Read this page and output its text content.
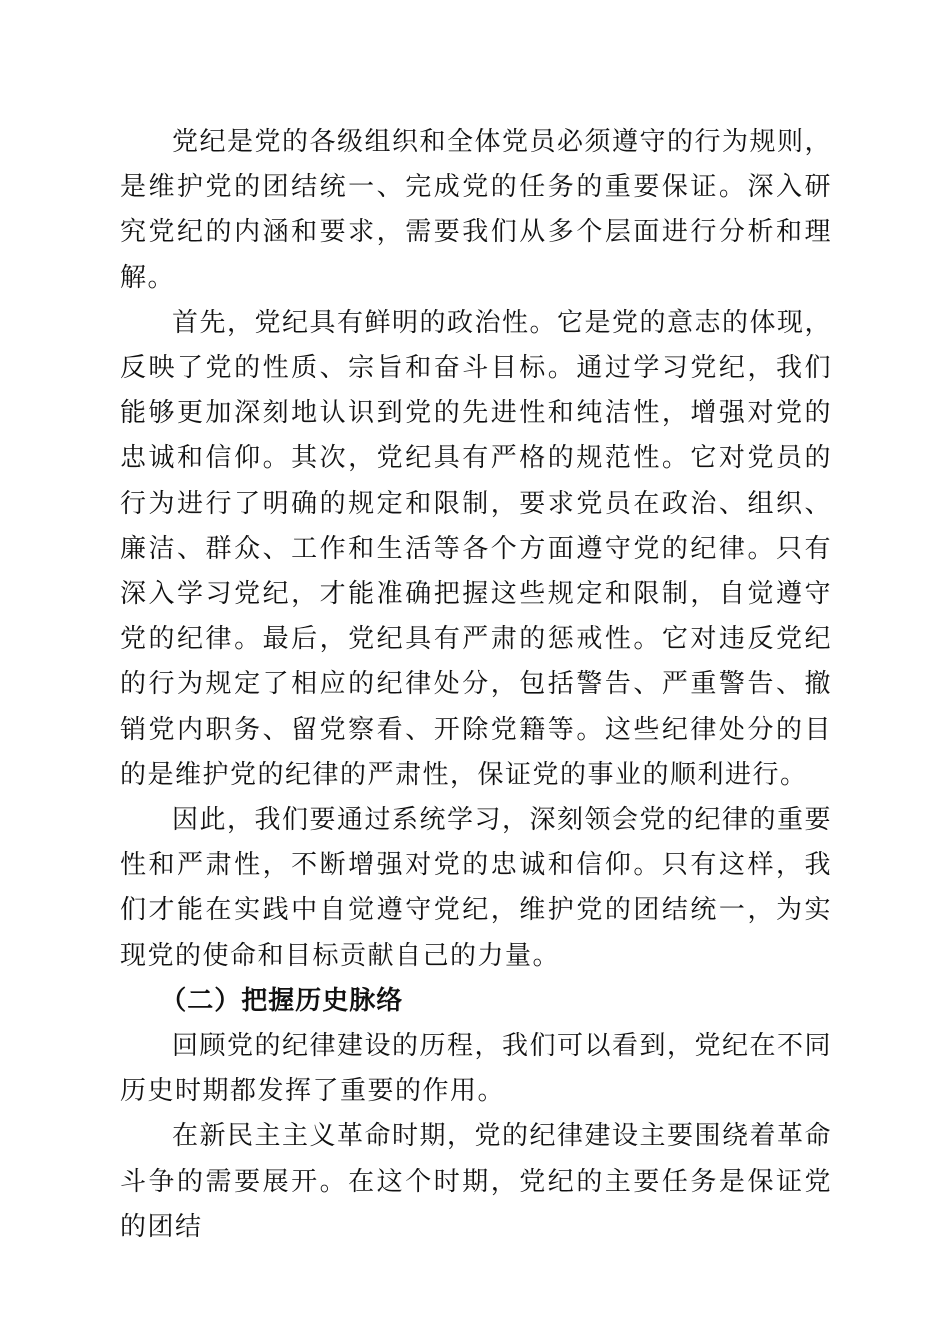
党纪是党的各级组织和全体党员必须遵守的行为规则，是维护党的团结统一、完成党的任务的重要保证。深入研究党纪的内涵和要求，需要我们从多个层面进行分析和理解。

首先，党纪具有鲜明的政治性。它是党的意志的体现，反映了党的性质、宗旨和奋斗目标。通过学习党纪，我们能够更加深刻地认识到党的先进性和纯洁性，增强对党的忠诚和信仰。其次，党纪具有严格的规范性。它对党员的行为进行了明确的规定和限制，要求党员在政治、组织、廉洁、群众、工作和生活等各个方面遵守党的纪律。只有深入学习党纪，才能准确把握这些规定和限制，自觉遵守党的纪律。最后，党纪具有严肃的惩戒性。它对违反党纪的行为规定了相应的纪律处分，包括警告、严重警告、撤销党内职务、留党察看、开除党籍等。这些纪律处分的目的是维护党的纪律的严肃性，保证党的事业的顺利进行。

因此，我们要通过系统学习，深刻领会党的纪律的重要性和严肃性，不断增强对党的忠诚和信仰。只有这样，我们才能在实践中自觉遵守党纪，维护党的团结统一，为实现党的使命和目标贡献自己的力量。

（二）把握历史脉络

回顾党的纪律建设的历程，我们可以看到，党纪在不同历史时期都发挥了重要的作用。

在新民主主义革命时期，党的纪律建设主要围绕着革命斗争的需要展开。在这个时期，党纪的主要任务是保证党的团结
